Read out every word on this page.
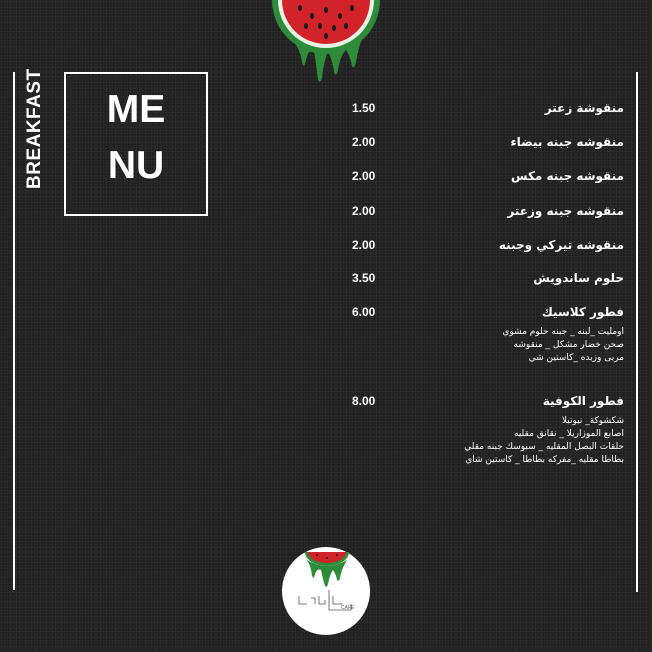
BREAKFAST	ME
NU
منقوشة زعتر
1.50
منقوشه جبنه بيضاء
2.00
منقوشه جبنه مكس
2.00
منقوشه جبنه وزعتر
2.00
منقوشه تيركي وجبنه
2.00
حلوم ساندويش
3.50
فطور كلاسيك
6.00
اومليت _لبنه _ جبنه حلوم مشوي
صحن خضار مشكل _ منقوشه
مربى وزبده _كاستين شي
فطور الكوفية
8.00
شكشوكة_ نيوتيلا
اصابع الموزاريلا _ نقانق مقليه
حلقات البصل المقليه _ سبوسك جبنه مقلي
بطاطا مقليه _مفركه بطاطا _ كاستين شاي
CAFE
